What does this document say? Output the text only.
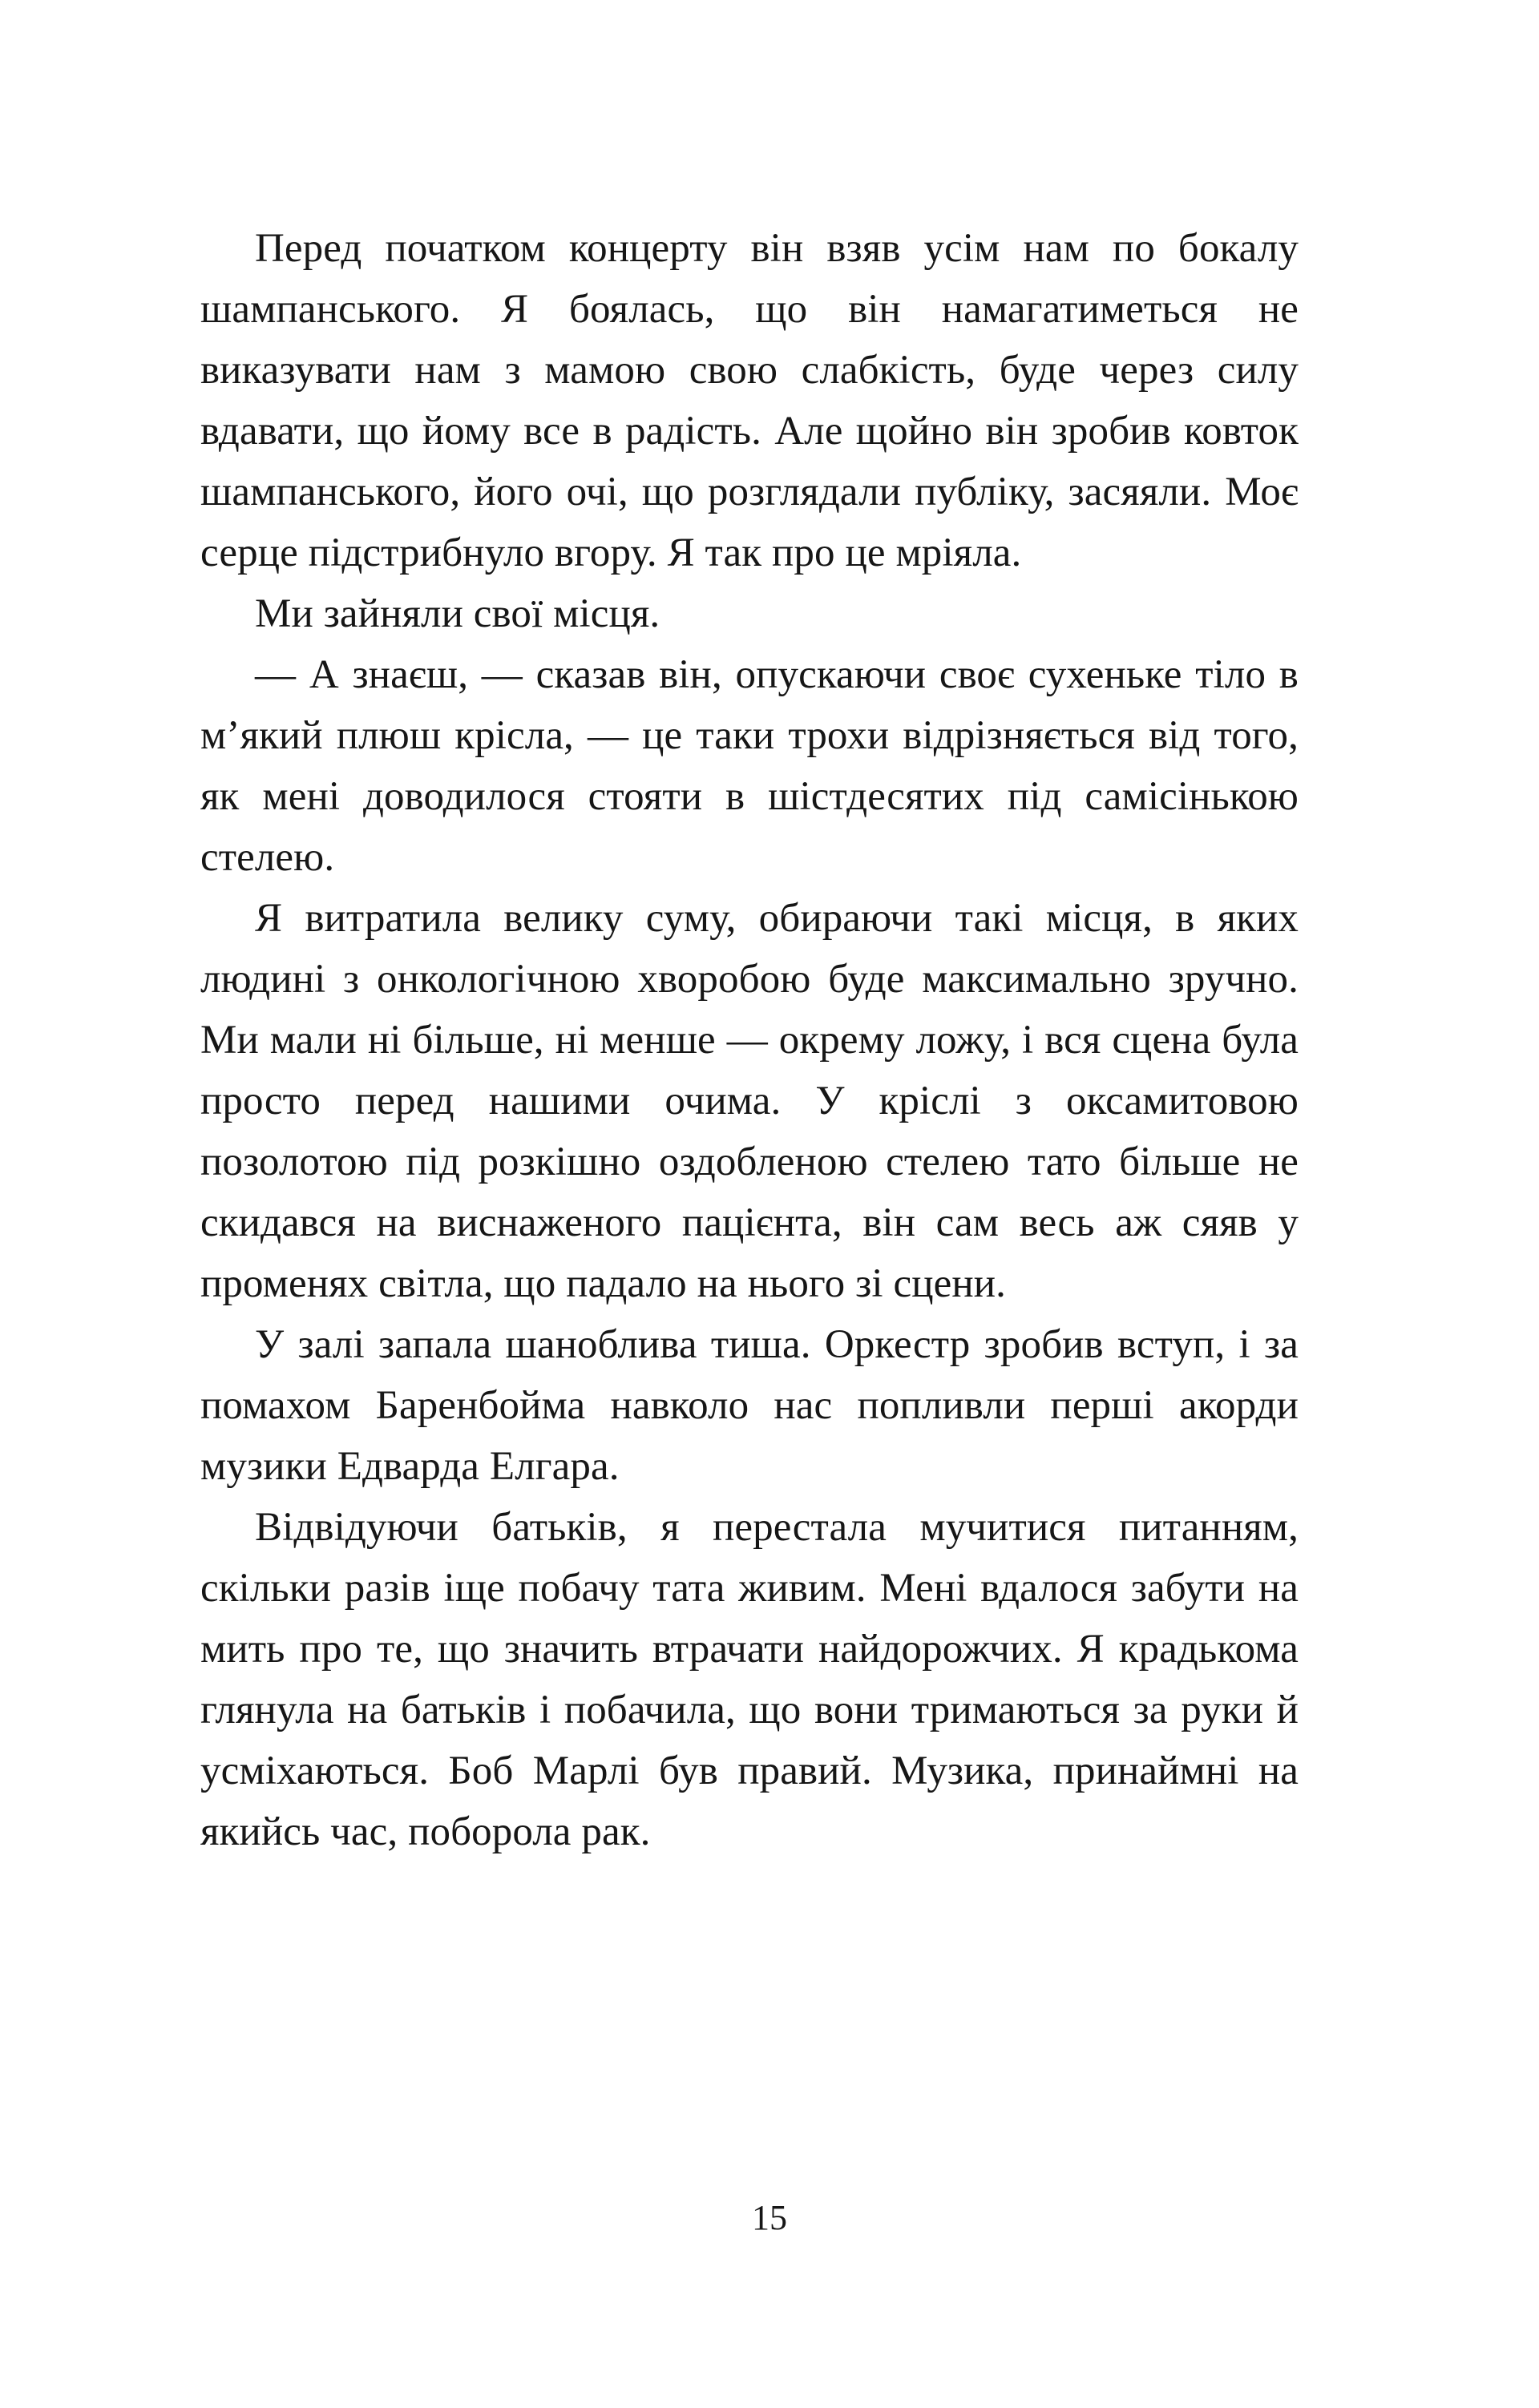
Перед початком концерту він взяв усім нам по бокалу шампанського. Я боялась, що він намагатиметься не виказувати нам з мамою свою слабкість, буде через силу вдавати, що йому все в радість. Але щойно він зробив ковток шампанського, його очі, що розглядали публіку, засяяли. Моє серце підстрибнуло вгору. Я так про це мріяла.

Ми зайняли свої місця.

— А знаєш, — сказав він, опускаючи своє сухеньке тіло в м’який плюш крісла, — це таки трохи відрізняється від того, як мені доводилося стояти в шістдесятих під самісінькою стелею.

Я витратила велику суму, обираючи такі місця, в яких людині з онкологічною хворобою буде максимально зручно. Ми мали ні більше, ні менше — окрему ложу, і вся сцена була просто перед нашими очима. У кріслі з оксамитовою позолотою під розкішно оздобленою стелею тато більше не скидався на виснаженого пацієнта, він сам весь аж сяяв у променях світла, що падало на нього зі сцени.

У залі запала шаноблива тиша. Оркестр зробив вступ, і за помахом Баренбойма навколо нас попливли перші акорди музики Едварда Елгара.

Відвідуючи батьків, я перестала мучитися питанням, скільки разів іще побачу тата живим. Мені вдалося забути на мить про те, що значить втрачати найдорожчих. Я крадькома глянула на батьків і побачила, що вони тримаються за руки й усміхаються. Боб Марлі був правий. Музика, принаймні на якийсь час, поборола рак.

15
